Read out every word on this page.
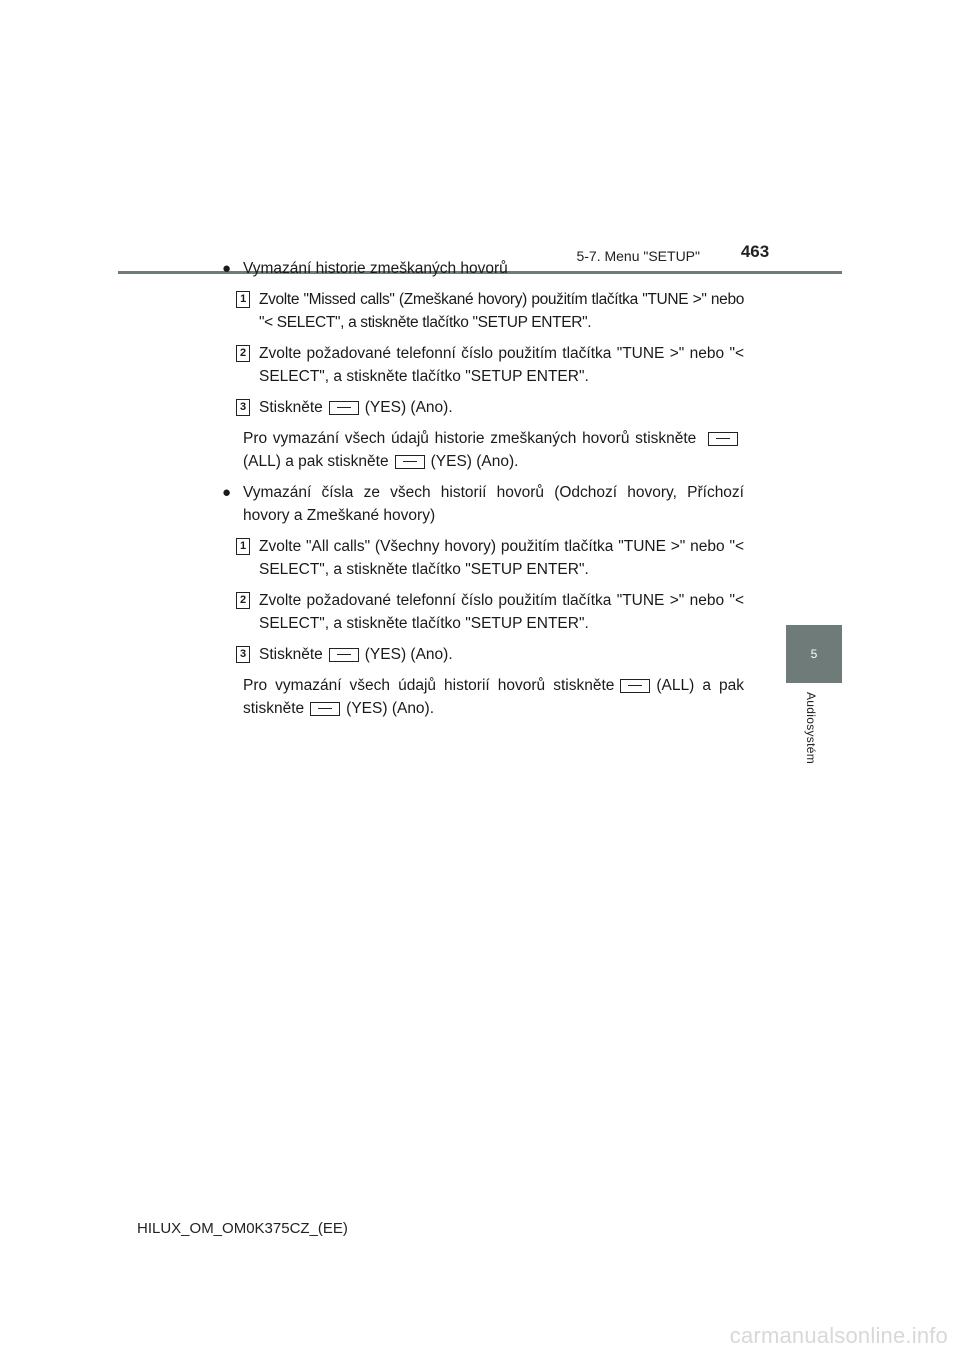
5-7. Menu "SETUP"	463
5
Audiosystém
● Vymazání historie zmeškaných hovorů
1 Zvolte "Missed calls" (Zmeškané hovory) použitím tlačítka "TUNE >" nebo "< SELECT", a stiskněte tlačítko "SETUP ENTER".
2 Zvolte požadované telefonní číslo použitím tlačítka "TUNE >" nebo "< SELECT", a stiskněte tlačítko "SETUP ENTER".
3 Stiskněte	(YES) (Ano).
Pro vymazání všech údajů historie zmeškaných hovorů stiskněte (ALL) a pak stiskněte	(YES) (Ano).
● Vymazání čísla ze všech historií hovorů (Odchozí hovory, Příchozí hovory a Zmeškané hovory)
1 Zvolte "All calls" (Všechny hovory) použitím tlačítka "TUNE >" nebo "< SELECT", a stiskněte tlačítko "SETUP ENTER".
2 Zvolte požadované telefonní číslo použitím tlačítka "TUNE >" nebo "< SELECT", a stiskněte tlačítko "SETUP ENTER".
3 Stiskněte	(YES) (Ano).
Pro vymazání všech údajů historií hovorů stiskněte	(ALL) a pak stiskněte	(YES) (Ano).
HILUX_OM_OM0K375CZ_(EE)
carmanualsonline.info
